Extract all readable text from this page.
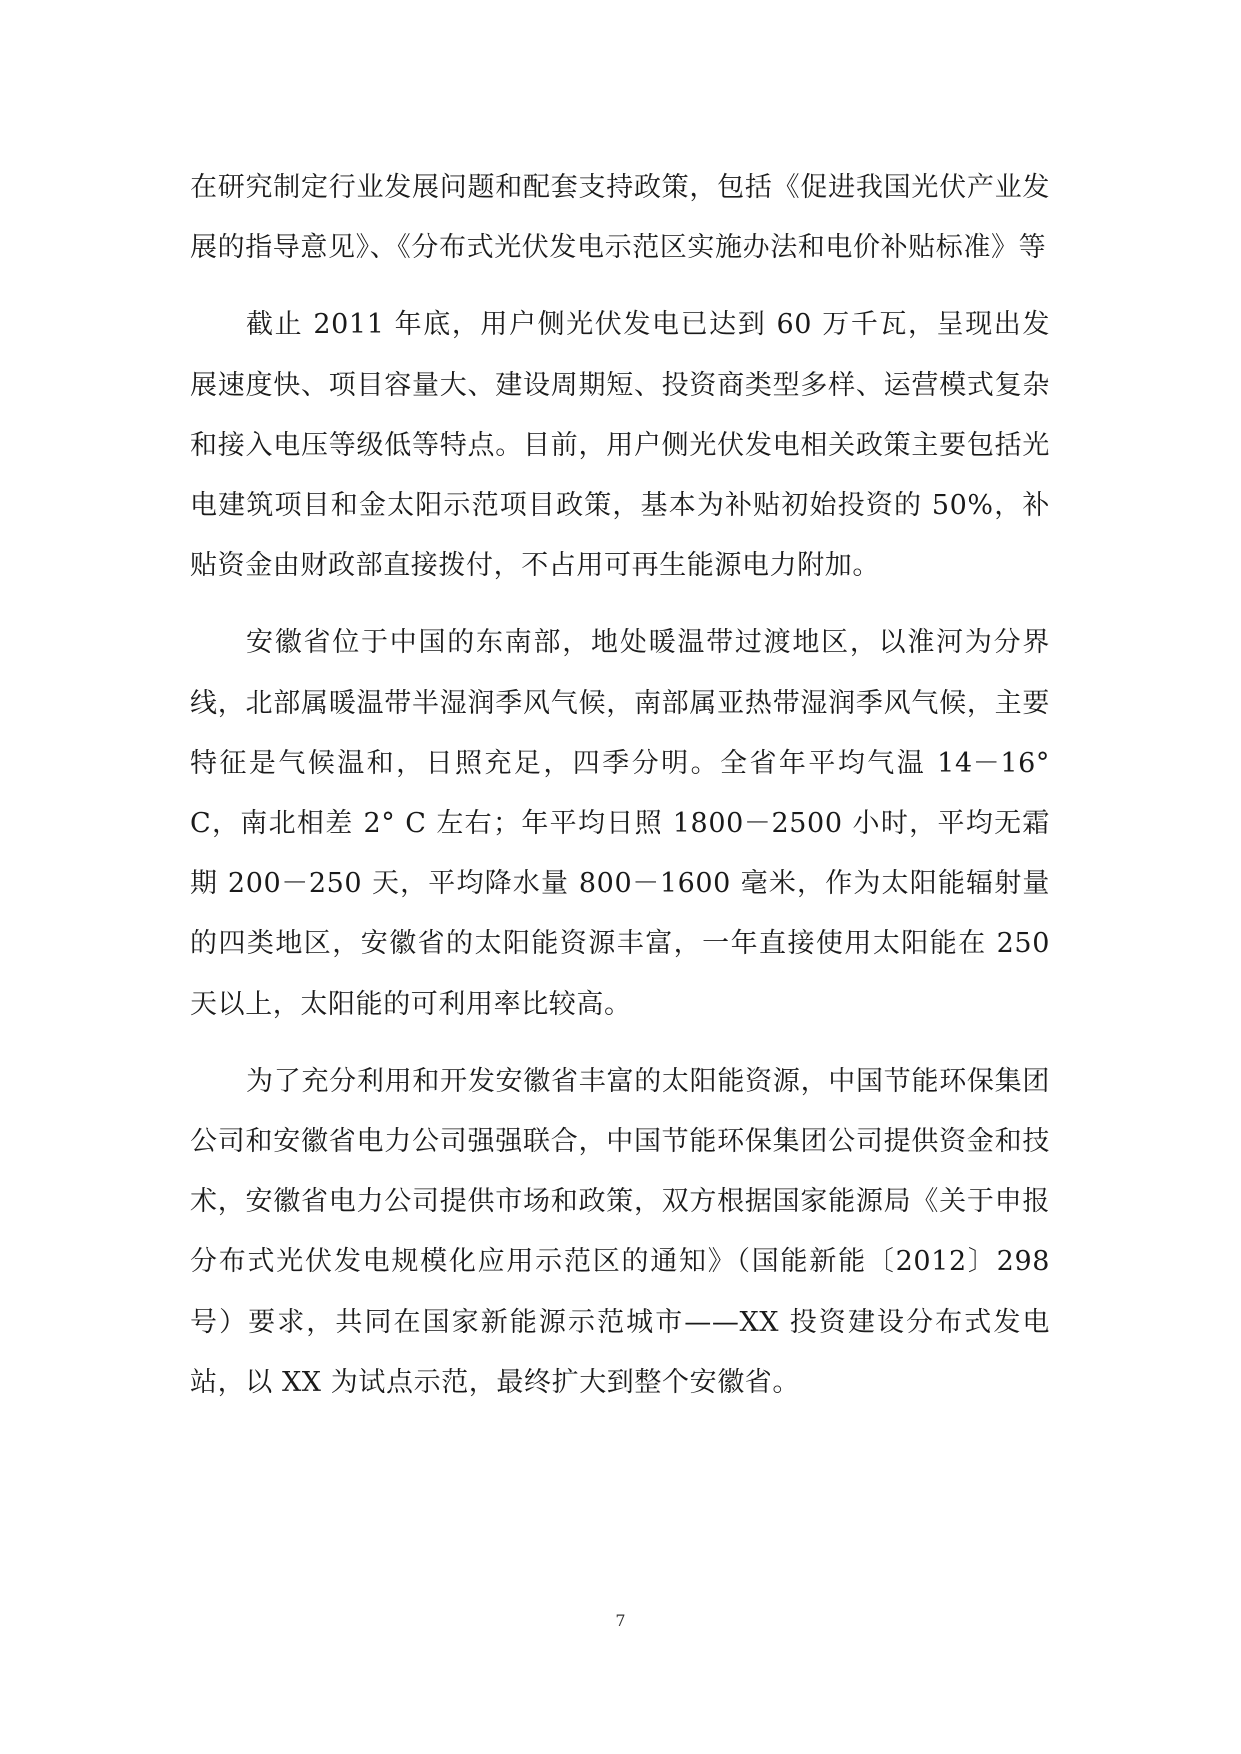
在研究制定行业发展问题和配套支持政策，包括《促进我国光伏产业发展的指导意见》、《分布式光伏发电示范区实施办法和电价补贴标准》等

截止 2011 年底，用户侧光伏发电已达到 60 万千瓦，呈现出发展速度快、项目容量大、建设周期短、投资商类型多样、运营模式复杂和接入电压等级低等特点。目前，用户侧光伏发电相关政策主要包括光电建筑项目和金太阳示范项目政策，基本为补贴初始投资的 50%，补贴资金由财政部直接拨付，不占用可再生能源电力附加。

安徽省位于中国的东南部，地处暖温带过渡地区，以淮河为分界线，北部属暖温带半湿润季风气候，南部属亚热带湿润季风气候，主要特征是气候温和，日照充足，四季分明。全省年平均气温 14－16° C，南北相差 2° C 左右；年平均日照 1800－2500 小时，平均无霜期 200－250 天，平均降水量 800－1600 毫米，作为太阳能辐射量的四类地区，安徽省的太阳能资源丰富，一年直接使用太阳能在 250 天以上，太阳能的可利用率比较高。

为了充分利用和开发安徽省丰富的太阳能资源，中国节能环保集团公司和安徽省电力公司强强联合，中国节能环保集团公司提供资金和技术，安徽省电力公司提供市场和政策，双方根据国家能源局《关于申报分布式光伏发电规模化应用示范区的通知》（国能新能〔2012〕298 号）要求，共同在国家新能源示范城市——XX 投资建设分布式发电站，以 XX 为试点示范，最终扩大到整个安徽省。

7
